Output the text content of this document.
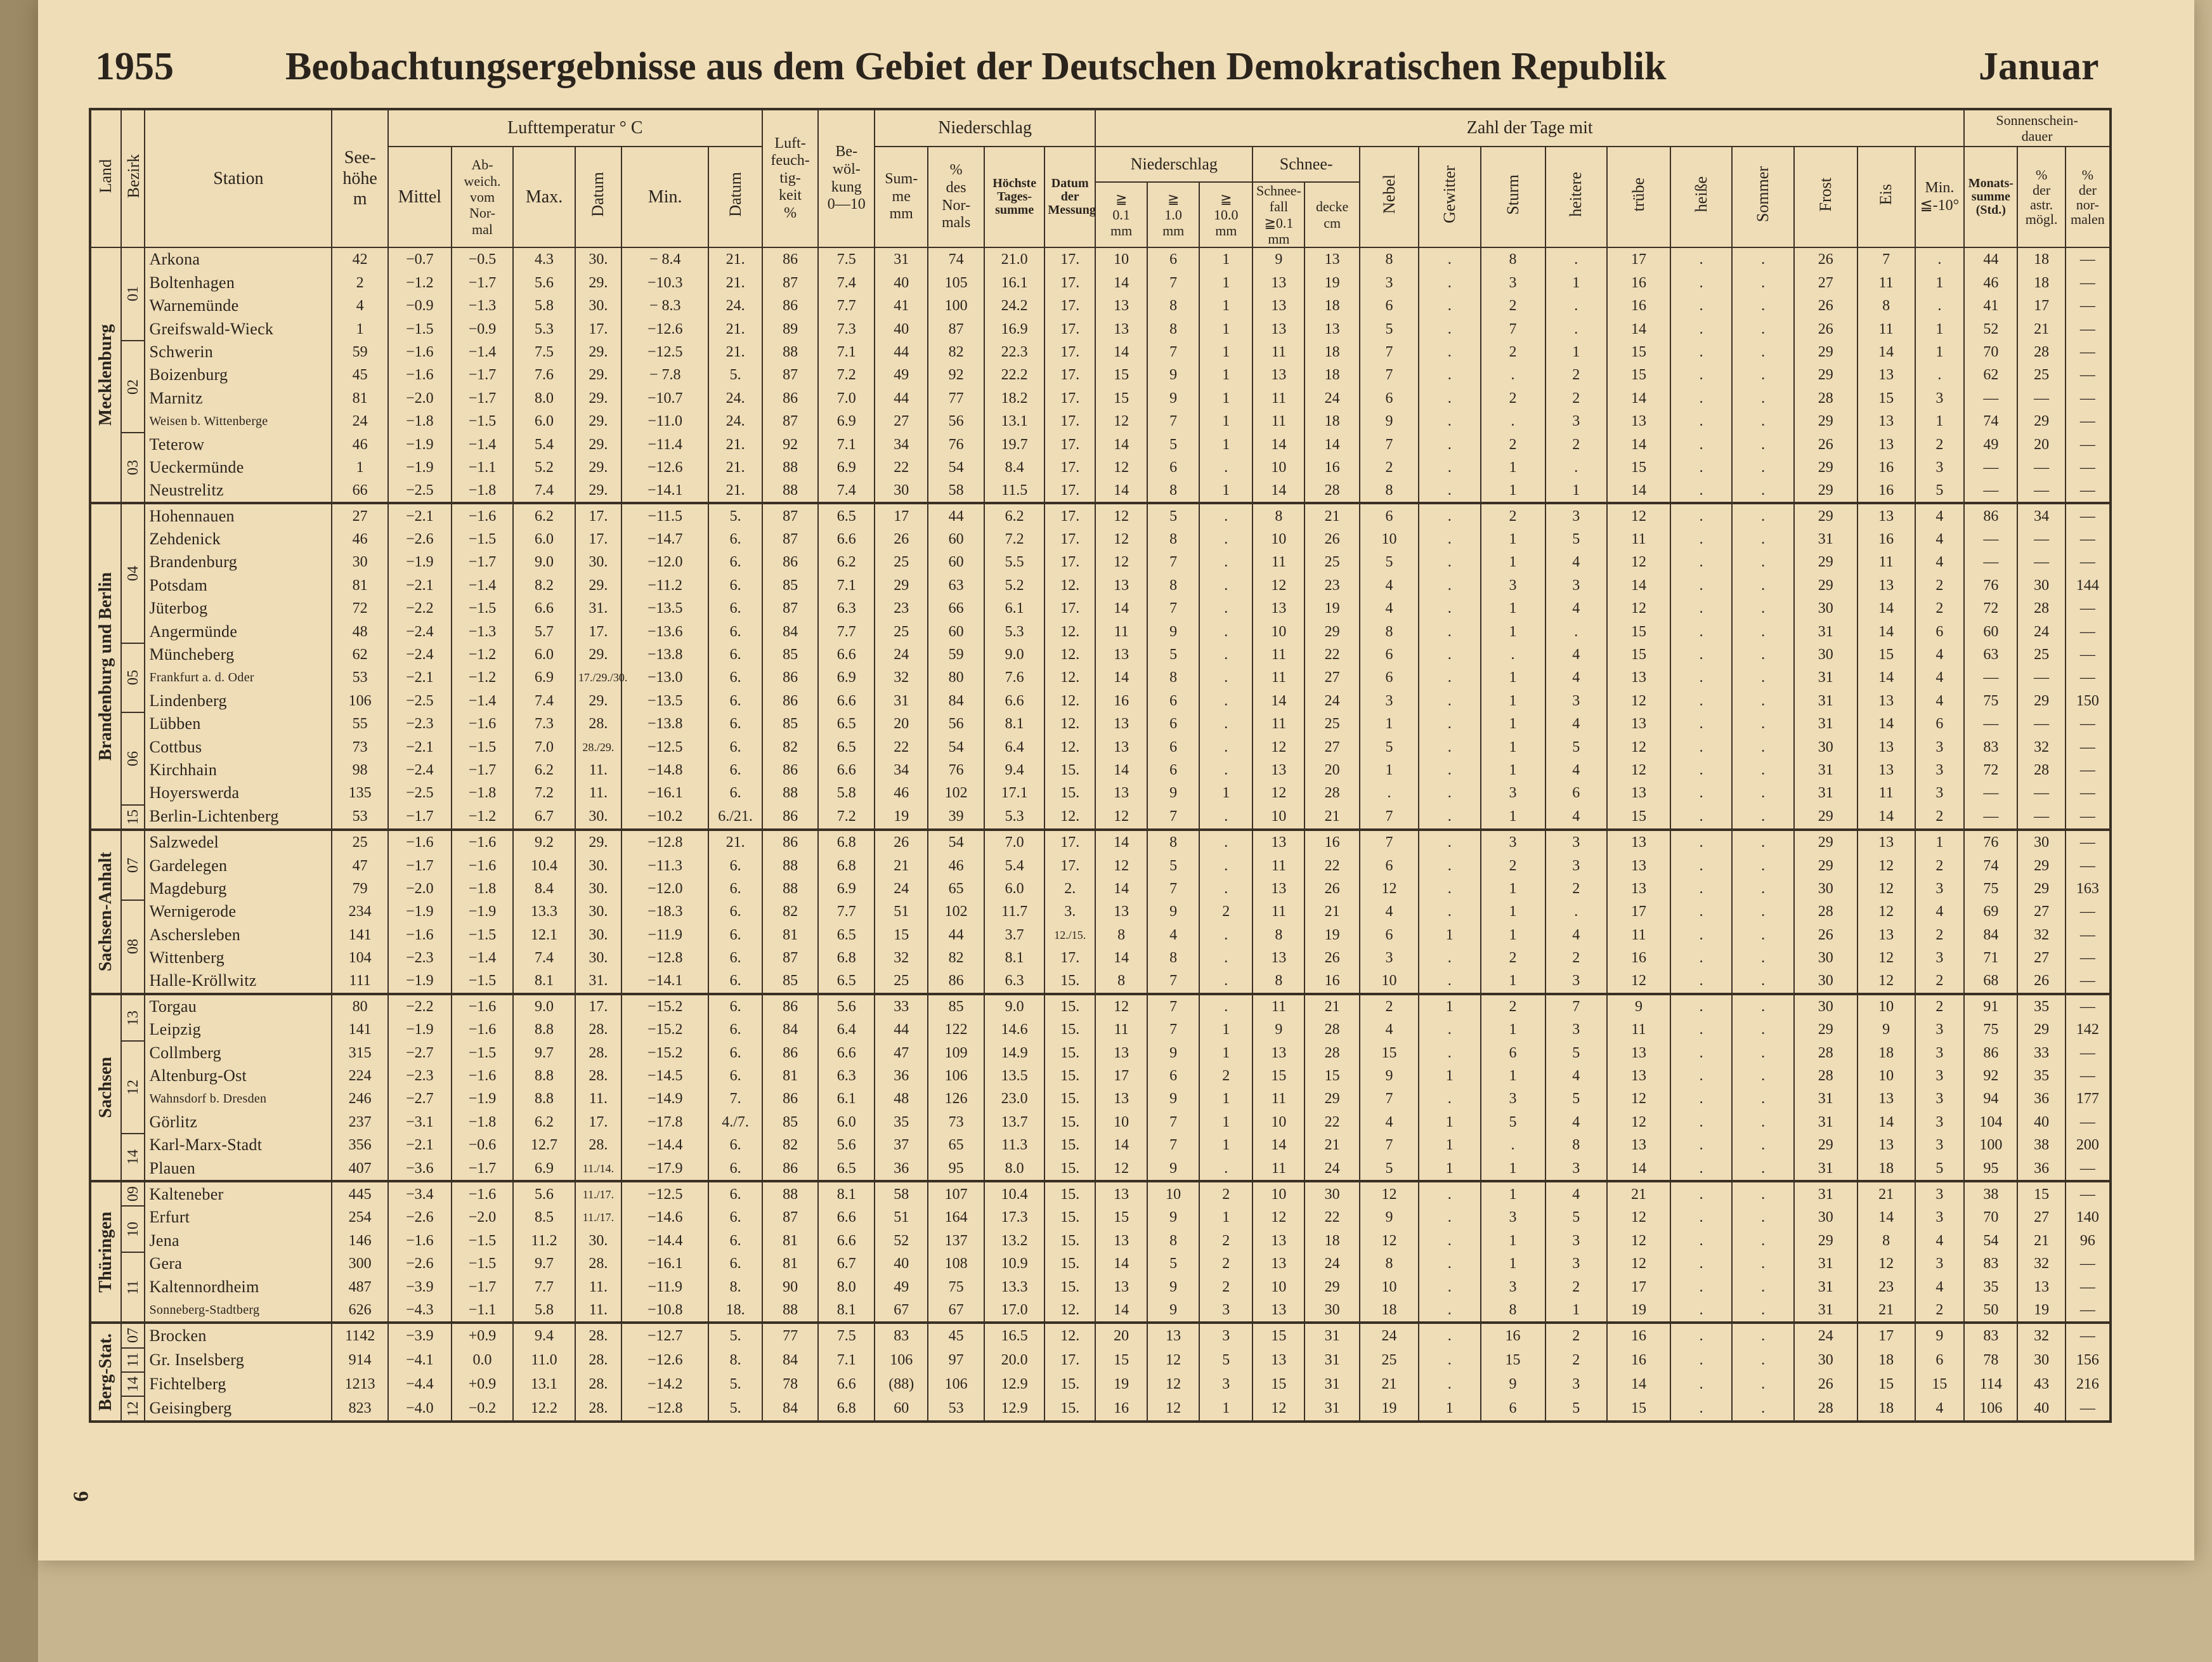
6
1955	Beobachtungsergebnisse aus dem Gebiet der Deutschen Demokratischen Republik	Januar
Land	Bezirk	Station	See-
höhe
m	Lufttemperatur ° C						Luft-
feuch-
tig-
keit
%	Be-
wöl-
kung
0—10	Niederschlag				Zahl der Tage mit															Sonnenschein-
dauer		
				Mittel	Ab-
weich.
vom
Nor-
mal	Max.	Datum	Min.	Datum			Sum-
me
mm	%
des
Nor-
mals	Höchste
Tages-
summe	Datum
der
Messung	Niederschlag			Schnee-		Nebel	Gewitter	Sturm	heitere	trübe	heiße	Sommer	Frost	Eis	Min.
≦-10°	Monats-
summe
(Std.)	%
der
astr.
mögl.	%
der
nor-
malen
																≧
0.1
mm	≧
1.0
mm	≧
10.0
mm	Schnee-
fall
≧0.1
mm	decke
cm													

Mecklenburg	01	Arkona	42	−0.7	−0.5	4.3	30.	− 8.4	21.	86	7.5	31	74	21.0	17.	10	6	1	9	13	8	.	8	.	17	.	.	26	7	.	44	18	—
		Boltenhagen	2	−1.2	−1.7	5.6	29.	−10.3	21.	87	7.4	40	105	16.1	17.	14	7	1	13	19	3	.	3	1	16	.	.	27	11	1	46	18	—
		Warnemünde	4	−0.9	−1.3	5.8	30.	− 8.3	24.	86	7.7	41	100	24.2	17.	13	8	1	13	18	6	.	2	.	16	.	.	26	8	.	41	17	—
		Greifswald-Wieck	1	−1.5	−0.9	5.3	17.	−12.6	21.	89	7.3	40	87	16.9	17.	13	8	1	13	13	5	.	7	.	14	.	.	26	11	1	52	21	—

	02	Schwerin	59	−1.6	−1.4	7.5	29.	−12.5	21.	88	7.1	44	82	22.3	17.	14	7	1	11	18	7	.	2	1	15	.	.	29	14	1	70	28	—
		Boizenburg	45	−1.6	−1.7	7.6	29.	− 7.8	5.	87	7.2	49	92	22.2	17.	15	9	1	13	18	7	.	.	2	15	.	.	29	13	.	62	25	—
		Marnitz	81	−2.0	−1.7	8.0	29.	−10.7	24.	86	7.0	44	77	18.2	17.	15	9	1	11	24	6	.	2	2	14	.	.	28	15	3	—	—	—
		Weisen b. Wittenberge	24	−1.8	−1.5	6.0	29.	−11.0	24.	87	6.9	27	56	13.1	17.	12	7	1	11	18	9	.	.	3	13	.	.	29	13	1	74	29	—

	03	Teterow	46	−1.9	−1.4	5.4	29.	−11.4	21.	92	7.1	34	76	19.7	17.	14	5	1	14	14	7	.	2	2	14	.	.	26	13	2	49	20	—
		Ueckermünde	1	−1.9	−1.1	5.2	29.	−12.6	21.	88	6.9	22	54	8.4	17.	12	6	.	10	16	2	.	1	.	15	.	.	29	16	3	—	—	—
		Neustrelitz	66	−2.5	−1.8	7.4	29.	−14.1	21.	88	7.4	30	58	11.5	17.	14	8	1	14	28	8	.	1	1	14	.	.	29	16	5	—	—	—

Brandenburg und Berlin	04	Hohennauen	27	−2.1	−1.6	6.2	17.	−11.5	5.	87	6.5	17	44	6.2	17.	12	5	.	8	21	6	.	2	3	12	.	.	29	13	4	86	34	—
		Zehdenick	46	−2.6	−1.5	6.0	17.	−14.7	6.	87	6.6	26	60	7.2	17.	12	8	.	10	26	10	.	1	5	11	.	.	31	16	4	—	—	—
		Brandenburg	30	−1.9	−1.7	9.0	30.	−12.0	6.	86	6.2	25	60	5.5	17.	12	7	.	11	25	5	.	1	4	12	.	.	29	11	4	—	—	—
		Potsdam	81	−2.1	−1.4	8.2	29.	−11.2	6.	85	7.1	29	63	5.2	12.	13	8	.	12	23	4	.	3	3	14	.	.	29	13	2	76	30	144
		Jüterbog	72	−2.2	−1.5	6.6	31.	−13.5	6.	87	6.3	23	66	6.1	17.	14	7	.	13	19	4	.	1	4	12	.	.	30	14	2	72	28	—
		Angermünde	48	−2.4	−1.3	5.7	17.	−13.6	6.	84	7.7	25	60	5.3	12.	11	9	.	10	29	8	.	1	.	15	.	.	31	14	6	60	24	—

	05	Müncheberg	62	−2.4	−1.2	6.0	29.	−13.8	6.	85	6.6	24	59	9.0	12.	13	5	.	11	22	6	.	.	4	15	.	.	30	15	4	63	25	—
		Frankfurt a. d. Oder	53	−2.1	−1.2	6.9	17./29./30.	−13.0	6.	86	6.9	32	80	7.6	12.	14	8	.	11	27	6	.	1	4	13	.	.	31	14	4	—	—	—
		Lindenberg	106	−2.5	−1.4	7.4	29.	−13.5	6.	86	6.6	31	84	6.6	12.	16	6	.	14	24	3	.	1	3	12	.	.	31	13	4	75	29	150

	06	Lübben	55	−2.3	−1.6	7.3	28.	−13.8	6.	85	6.5	20	56	8.1	12.	13	6	.	11	25	1	.	1	4	13	.	.	31	14	6	—	—	—
		Cottbus	73	−2.1	−1.5	7.0	28./29.	−12.5	6.	82	6.5	22	54	6.4	12.	13	6	.	12	27	5	.	1	5	12	.	.	30	13	3	83	32	—
		Kirchhain	98	−2.4	−1.7	6.2	11.	−14.8	6.	86	6.6	34	76	9.4	15.	14	6	.	13	20	1	.	1	4	12	.	.	31	13	3	72	28	—
		Hoyerswerda	135	−2.5	−1.8	7.2	11.	−16.1	6.	88	5.8	46	102	17.1	15.	13	9	1	12	28	.	.	3	6	13	.	.	31	11	3	—	—	—

	15	Berlin-Lichtenberg	53	−1.7	−1.2	6.7	30.	−10.2	6./21.	86	7.2	19	39	5.3	12.	12	7	.	10	21	7	.	1	4	15	.	.	29	14	2	—	—	—

Sachsen-Anhalt	07	Salzwedel	25	−1.6	−1.6	9.2	29.	−12.8	21.	86	6.8	26	54	7.0	17.	14	8	.	13	16	7	.	3	3	13	.	.	29	13	1	76	30	—
		Gardelegen	47	−1.7	−1.6	10.4	30.	−11.3	6.	88	6.8	21	46	5.4	17.	12	5	.	11	22	6	.	2	3	13	.	.	29	12	2	74	29	—
		Magdeburg	79	−2.0	−1.8	8.4	30.	−12.0	6.	88	6.9	24	65	6.0	2.	14	7	.	13	26	12	.	1	2	13	.	.	30	12	3	75	29	163

	08	Wernigerode	234	−1.9	−1.9	13.3	30.	−18.3	6.	82	7.7	51	102	11.7	3.	13	9	2	11	21	4	.	1	.	17	.	.	28	12	4	69	27	—
		Aschersleben	141	−1.6	−1.5	12.1	30.	−11.9	6.	81	6.5	15	44	3.7	12./15.	8	4	.	8	19	6	1	1	4	11	.	.	26	13	2	84	32	—
		Wittenberg	104	−2.3	−1.4	7.4	30.	−12.8	6.	87	6.8	32	82	8.1	17.	14	8	.	13	26	3	.	2	2	16	.	.	30	12	3	71	27	—
		Halle-Kröllwitz	111	−1.9	−1.5	8.1	31.	−14.1	6.	85	6.5	25	86	6.3	15.	8	7	.	8	16	10	.	1	3	12	.	.	30	12	2	68	26	—

Sachsen	13	Torgau	80	−2.2	−1.6	9.0	17.	−15.2	6.	86	5.6	33	85	9.0	15.	12	7	.	11	21	2	1	2	7	9	.	.	30	10	2	91	35	—
		Leipzig	141	−1.9	−1.6	8.8	28.	−15.2	6.	84	6.4	44	122	14.6	15.	11	7	1	9	28	4	.	1	3	11	.	.	29	9	3	75	29	142

	12	Collmberg	315	−2.7	−1.5	9.7	28.	−15.2	6.	86	6.6	47	109	14.9	15.	13	9	1	13	28	15	.	6	5	13	.	.	28	18	3	86	33	—
		Altenburg-Ost	224	−2.3	−1.6	8.8	28.	−14.5	6.	81	6.3	36	106	13.5	15.	17	6	2	15	15	9	1	1	4	13	.	.	28	10	3	92	35	—
		Wahnsdorf b. Dresden	246	−2.7	−1.9	8.8	11.	−14.9	7.	86	6.1	48	126	23.0	15.	13	9	1	11	29	7	.	3	5	12	.	.	31	13	3	94	36	177
		Görlitz	237	−3.1	−1.8	6.2	17.	−17.8	4./7.	85	6.0	35	73	13.7	15.	10	7	1	10	22	4	1	5	4	12	.	.	31	14	3	104	40	—

	14	Karl-Marx-Stadt	356	−2.1	−0.6	12.7	28.	−14.4	6.	82	5.6	37	65	11.3	15.	14	7	1	14	21	7	1	.	8	13	.	.	29	13	3	100	38	200
		Plauen	407	−3.6	−1.7	6.9	11./14.	−17.9	6.	86	6.5	36	95	8.0	15.	12	9	.	11	24	5	1	1	3	14	.	.	31	18	5	95	36	—

Thüringen	09	Kalteneber	445	−3.4	−1.6	5.6	11./17.	−12.5	6.	88	8.1	58	107	10.4	15.	13	10	2	10	30	12	.	1	4	21	.	.	31	21	3	38	15	—

	10	Erfurt	254	−2.6	−2.0	8.5	11./17.	−14.6	6.	87	6.6	51	164	17.3	15.	15	9	1	12	22	9	.	3	5	12	.	.	30	14	3	70	27	140
		Jena	146	−1.6	−1.5	11.2	30.	−14.4	6.	81	6.6	52	137	13.2	15.	13	8	2	13	18	12	.	1	3	12	.	.	29	8	4	54	21	96

	11	Gera	300	−2.6	−1.5	9.7	28.	−16.1	6.	81	6.7	40	108	10.9	15.	14	5	2	13	24	8	.	1	3	12	.	.	31	12	3	83	32	—
		Kaltennordheim	487	−3.9	−1.7	7.7	11.	−11.9	8.	90	8.0	49	75	13.3	15.	13	9	2	10	29	10	.	3	2	17	.	.	31	23	4	35	13	—
		Sonneberg-Stadtberg	626	−4.3	−1.1	5.8	11.	−10.8	18.	88	8.1	67	67	17.0	12.	14	9	3	13	30	18	.	8	1	19	.	.	31	21	2	50	19	—

Berg-Stat.	07	Brocken	1142	−3.9	+0.9	9.4	28.	−12.7	5.	77	7.5	83	45	16.5	12.	20	13	3	15	31	24	.	16	2	16	.	.	24	17	9	83	32	—

	11	Gr. Inselsberg	914	−4.1	0.0	11.0	28.	−12.6	8.	84	7.1	106	97	20.0	17.	15	12	5	13	31	25	.	15	2	16	.	.	30	18	6	78	30	156

	14	Fichtelberg	1213	−4.4	+0.9	13.1	28.	−14.2	5.	78	6.6	(88)	106	12.9	15.	19	12	3	15	31	21	.	9	3	14	.	.	26	15	15	114	43	216

	12	Geisingberg	823	−4.0	−0.2	12.2	28.	−12.8	5.	84	6.8	60	53	12.9	15.	16	12	1	12	31	19	1	6	5	15	.	.	28	18	4	106	40	—
